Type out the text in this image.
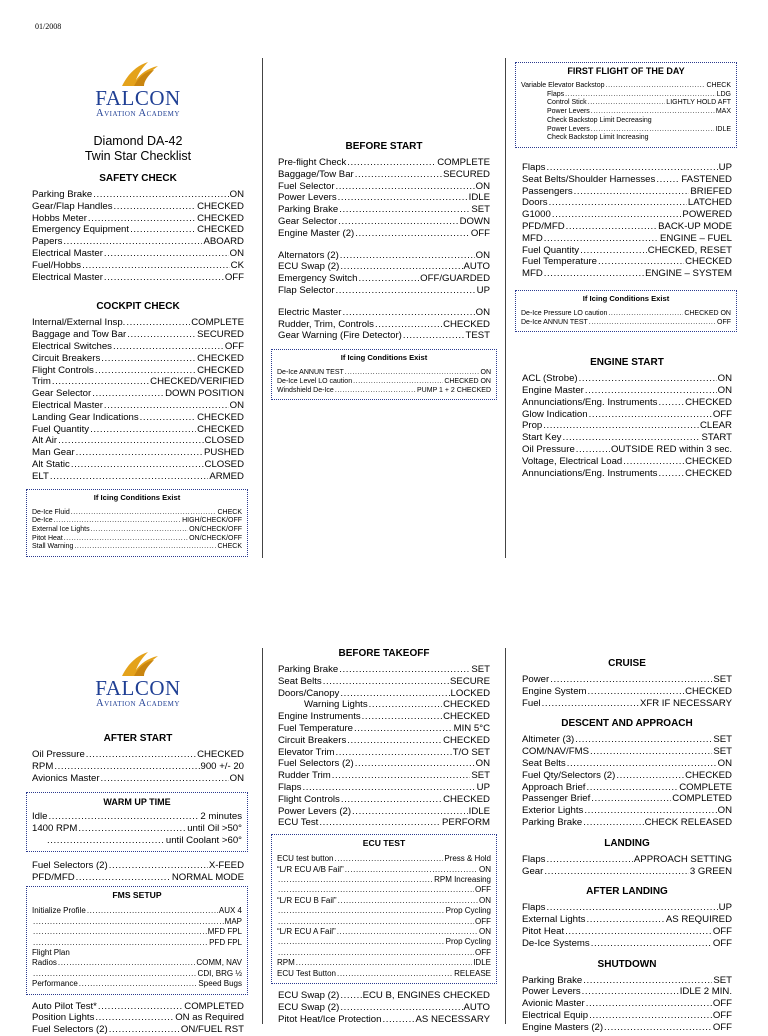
01/2008
FALCON
Aviation Academy
Diamond DA-42
Twin Star Checklist
SAFETY CHECK
Parking Brake .....	ON
Gear/Flap Handles .....	CHECKED
Hobbs Meter .....	CHECKED
Emergency Equipment .....	CHECKED
Papers .....	ABOARD
Electrical Master .....	ON
Fuel/Hobbs .....	CK
Electrical Master .....	OFF
COCKPIT CHECK
Internal/External Insp. .....	COMPLETE
Baggage and Tow Bar .....	SECURED
Electrical Switches .....	OFF
Circuit Breakers .....	CHECKED
Flight Controls .....	CHECKED
Trim .....	CHECKED/VERIFIED
Gear Selector .....	DOWN POSITION
Electrical Master .....	ON
Landing Gear Indications .....	CHECKED
Fuel Quantity .....	CHECKED
Alt Air .....	CLOSED
Man Gear .....	PUSHED
Alt Static .....	CLOSED
ELT .....	ARMED
If Icing Conditions Exist
De-Ice Fluid .....	CHECK
De-Ice .....	HIGH/CHECK/OFF
External Ice Lights .....	ON/CHECK/OFF
Pitot Heat .....	ON/CHECK/OFF
Stall Warning .....	CHECK
BEFORE START
Pre-flight Check .....	COMPLETE
Baggage/Tow Bar .....	SECURED
Fuel Selector .....	ON
Power Levers .....	IDLE
Parking Brake .....	SET
Gear Selector .....	DOWN
Engine Master (2) .....	OFF
Alternators (2) .....	ON
ECU Swap (2) .....	AUTO
Emergency Switch .....	OFF/GUARDED
Flap Selector .....	UP
Electric Master .....	ON
Rudder, Trim, Controls .....	CHECKED
Gear Warning (Fire Detector) .....	TEST
If Icing Conditions Exist
De-Ice ANNUN TEST .....	ON
De-Ice Level LO caution .....	CHECKED ON
Windshield De-Ice .....	PUMP 1 + 2 CHECKED
FIRST FLIGHT OF THE DAY
Variable Elevator Backstop .....	CHECK
Flaps .....	LDG
Control Stick .....	LIGHTLY HOLD AFT
Power Levers .....	MAX
Check Backstop Limit Decreasing
Power Levers .....	IDLE
Check Backstop Limit Increasing
Flaps .....	UP
Seat Belts/Shoulder Harnesses .....	FASTENED
Passengers .....	BRIEFED
Doors .....	LATCHED
G1000 .....	POWERED
PFD/MFD .....	BACK-UP MODE
MFD .....	ENGINE – FUEL
Fuel Quantity .....	CHECKED, RESET
Fuel Temperature .....	CHECKED
MFD .....	ENGINE – SYSTEM
If Icing Conditions Exist
De-Ice Pressure LO caution .....	CHECKED ON
De-Ice ANNUN TEST .....	OFF
ENGINE START
ACL (Strobe) .....	ON
Engine Master .....	ON
Annunciations/Eng. Instruments .....	CHECKED
Glow Indication .....	OFF
Prop .....	CLEAR
Start Key .....	START
Oil Pressure .....	OUTSIDE RED within 3 sec.
Voltage, Electrical Load .....	CHECKED
Annunciations/Eng. Instruments .....	CHECKED
FALCON
Aviation Academy
AFTER START
Oil Pressure .....	CHECKED
RPM .....	900 +/- 20
Avionics Master .....	ON
WARM UP TIME
Idle .....	2 minutes
1400 RPM .....	until Oil >50°
.....
until Coolant >60°
Fuel Selectors (2) .....	X-FEED
PFD/MFD .....	NORMAL MODE
FMS SETUP
Initialize Profile .....	AUX 4
.....
MAP
.....
MFD FPL
.....
PFD FPL
Flight Plan
Radios .....	COMM, NAV
.....
CDI, BRG ½
Performance .....	Speed Bugs
Auto Pilot Test* .....	COMPLETED
Position Lights .....	ON as Required
Fuel Selectors (2) .....	ON/FUEL RST
BEFORE TAKEOFF
Parking Brake .....	SET
Seat Belts .....	SECURE
Doors/Canopy .....	LOCKED
Warning Lights .....	CHECKED
Engine Instruments .....	CHECKED
Fuel Temperature .....	MIN 5°C
Circuit Breakers .....	CHECKED
Elevator Trim .....	T/O SET
Fuel Selectors (2) .....	ON
Rudder Trim .....	SET
Flaps .....	UP
Flight Controls .....	CHECKED
Power Levers (2) .....	IDLE
ECU Test .....	PERFORM
ECU TEST
ECU test button .....	Press & Hold
“L/R ECU A/B Fail” .....	ON
.....
RPM Increasing
.....
OFF
“L/R ECU B Fail” .....	ON
.....
Prop Cycling
.....
OFF
“L/R ECU A Fail” .....	ON
.....
Prop Cycling
.....
OFF
RPM .....	IDLE
ECU Test Button .....	RELEASE
ECU Swap (2) ..... ECU B, ENGINES CHECKED
ECU Swap (2) .....	AUTO
Pitot Heat/Ice Protection .....	AS NECESSARY
CRUISE
Power .....	SET
Engine System .....	CHECKED
Fuel .....	XFR IF NECESSARY
DESCENT AND APPROACH
Altimeter (3) .....	SET
COM/NAV/FMS .....	SET
Seat Belts .....	ON
Fuel Qty/Selectors (2) .....	CHECKED
Approach Brief .....	COMPLETE
Passenger Brief .....	COMPLETED
Exterior Lights .....	ON
Parking Brake .....	CHECK RELEASED
LANDING
Flaps .....	APPROACH SETTING
Gear .....	3 GREEN
AFTER LANDING
Flaps .....	UP
External Lights .....	AS REQUIRED
Pitot Heat .....	OFF
De-Ice Systems .....	OFF
SHUTDOWN
Parking Brake .....	SET
Power Levers .....	IDLE 2 MIN.
Avionic Master .....	OFF
Electrical Equip .....	OFF
Engine Masters (2) .....	OFF
